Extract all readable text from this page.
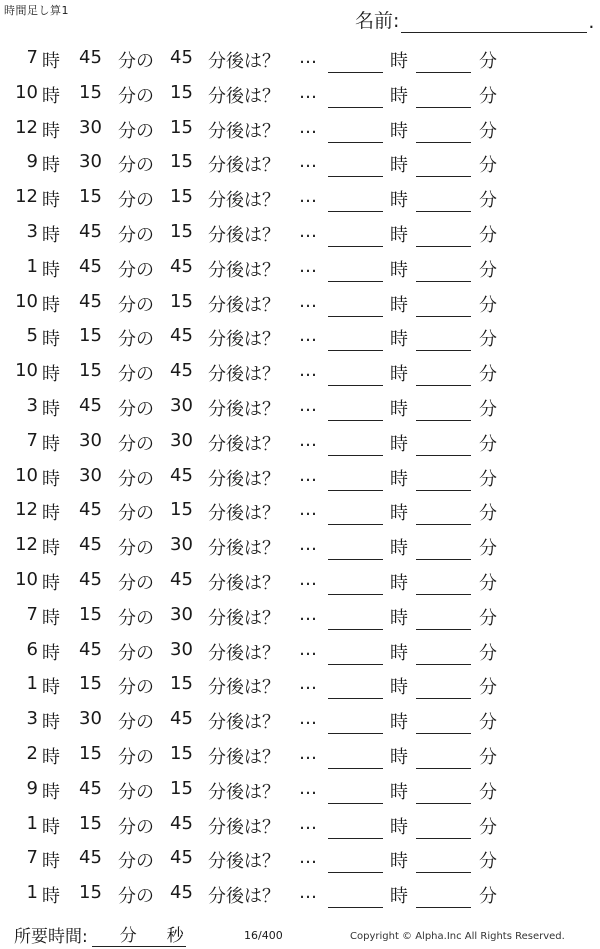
時間足し算1	名前:	.
7 時 45 分の 45 分後は？ …	時	分
10 時 15 分の 15 分後は？ …	時	分
12 時 30 分の 15 分後は？ …	時	分
9 時 30 分の 15 分後は？ …	時	分
12 時 15 分の 15 分後は？ …	時	分
3 時 45 分の 15 分後は？ …	時	分
1 時 45 分の 45 分後は？ …	時	分
10 時 45 分の 15 分後は？ …	時	分
5 時 15 分の 45 分後は？ …	時	分
10 時 15 分の 45 分後は？ …	時	分
3 時 45 分の 30 分後は？ …	時	分
7 時 30 分の 30 分後は？ …	時	分
10 時 30 分の 45 分後は？ …	時	分
12 時 45 分の 15 分後は？ …	時	分
12 時 45 分の 30 分後は？ …	時	分
10 時 45 分の 45 分後は？ …	時	分
7 時 15 分の 30 分後は？ …	時	分
6 時 45 分の 30 分後は？ …	時	分
1 時 15 分の 15 分後は？ …	時	分
3 時 30 分の 45 分後は？ …	時	分
2 時 15 分の 15 分後は？ …	時	分
9 時 45 分の 15 分後は？ …	時	分
1 時 15 分の 45 分後は？ …	時	分
7 時 45 分の 45 分後は？ …	時	分
1 時 15 分の 45 分後は？ …	時	分
所要時間: 分 秒	16/400	Copyright © Alpha.Inc All Rights Reserved.
